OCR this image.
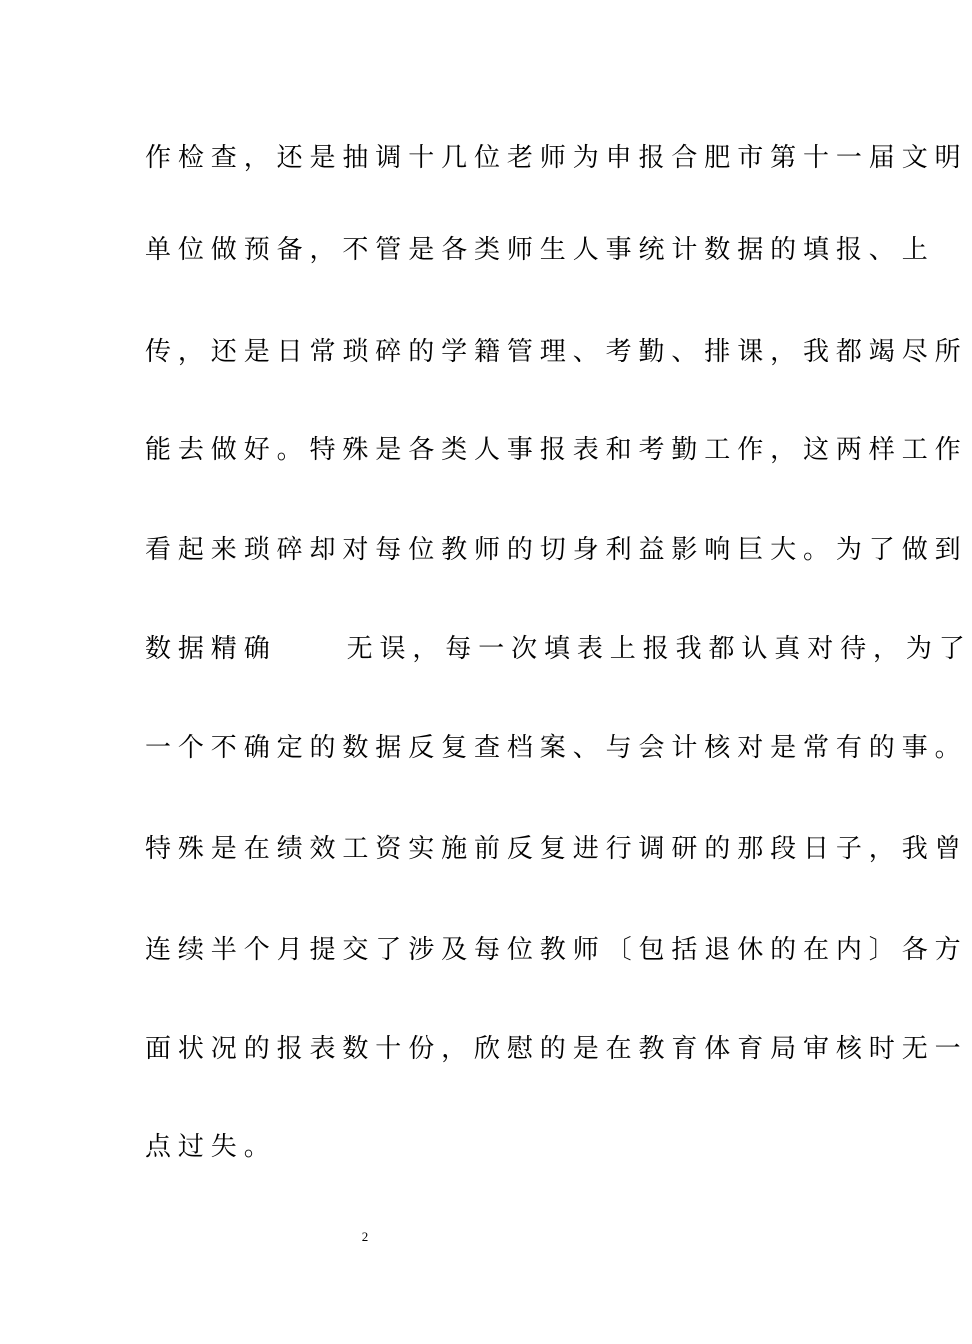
作检查，还是抽调十几位老师为申报合肥市第十一届文明
单位做预备，不管是各类师生人事统计数据的填报、上
传，还是日常琐碎的学籍管理、考勤、排课，我都竭尽所
能去做好。特殊是各类人事报表和考勤工作，这两样工作
看起来琐碎却对每位教师的切身利益影响巨大。为了做到
数据精确	无误，每一次填表上报我都认真对待，为了
一个不确定的数据反复查档案、与会计核对是常有的事。
特殊是在绩效工资实施前反复进行调研的那段日子，我曾
连续半个月提交了涉及每位教师〔包括退休的在内〕各方
面状况的报表数十份，欣慰的是在教育体育局审核时无一
点过失。
2
